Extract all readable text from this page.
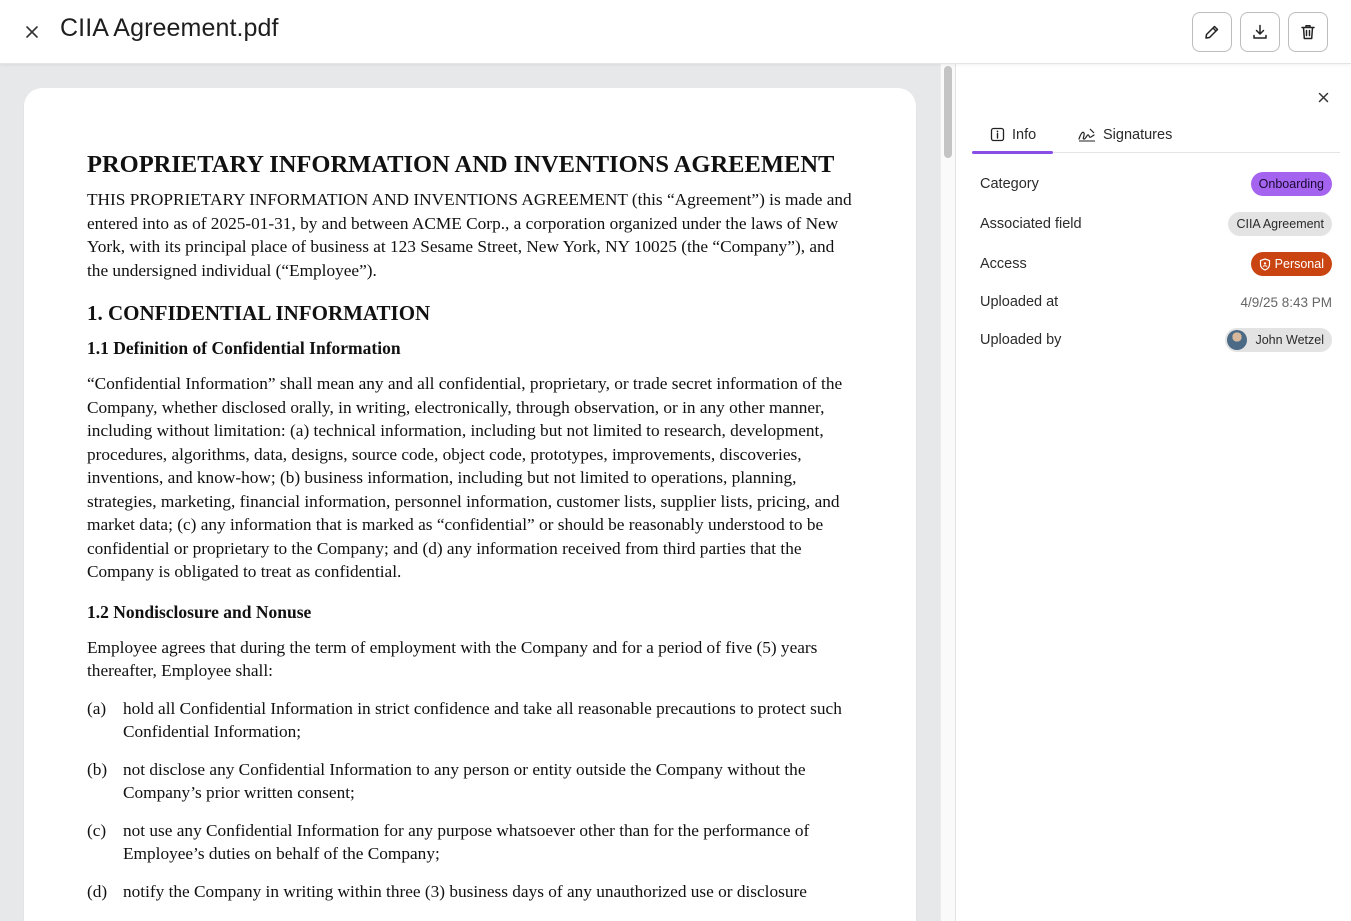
CIIA Agreement.pdf
PROPRIETARY INFORMATION AND INVENTIONS AGREEMENT
THIS PROPRIETARY INFORMATION AND INVENTIONS AGREEMENT (this “Agreement”) is made and entered into as of 2025-01-31, by and between ACME Corp., a corporation organized under the laws of New York, with its principal place of business at 123 Sesame Street, New York, NY 10025 (the “Company”), and the undersigned individual (“Employee”).
1. CONFIDENTIAL INFORMATION
1.1 Definition of Confidential Information
“Confidential Information” shall mean any and all confidential, proprietary, or trade secret information of the Company, whether disclosed orally, in writing, electronically, through observation, or in any other manner, including without limitation: (a) technical information, including but not limited to research, development, procedures, algorithms, data, designs, source code, object code, prototypes, improvements, discoveries, inventions, and know-how; (b) business information, including but not limited to operations, planning, strategies, marketing, financial information, personnel information, customer lists, supplier lists, pricing, and market data; (c) any information that is marked as “confidential” or should be reasonably understood to be confidential or proprietary to the Company; and (d) any information received from third parties that the Company is obligated to treat as confidential.
1.2 Nondisclosure and Nonuse
Employee agrees that during the term of employment with the Company and for a period of five (5) years thereafter, Employee shall:
(a) hold all Confidential Information in strict confidence and take all reasonable precautions to protect such Confidential Information;
(b) not disclose any Confidential Information to any person or entity outside the Company without the Company’s prior written consent;
(c) not use any Confidential Information for any purpose whatsoever other than for the performance of Employee’s duties on behalf of the Company;
(d) notify the Company in writing within three (3) business days of any unauthorized use or disclosure
Info	Signatures
Category	Onboarding
Associated field	CIIA Agreement
Access	Personal
Uploaded at	4/9/25 8:43 PM
Uploaded by	John Wetzel
